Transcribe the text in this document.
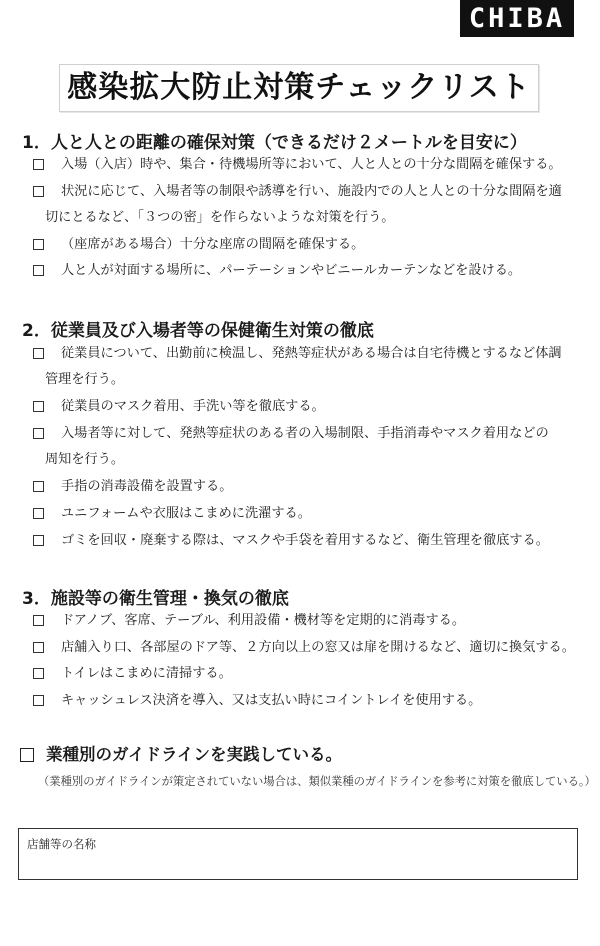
CHIBA
感染拡大防止対策チェックリスト
1．人と人との距離の確保対策（できるだけ２メートルを目安に）
入場（入店）時や、集合・待機場所等において、人と人との十分な間隔を確保する。
状況に応じて、入場者等の制限や誘導を行い、施設内での人と人との十分な間隔を適
切にとるなど、「３つの密」を作らないような対策を行う。
（座席がある場合）十分な座席の間隔を確保する。
人と人が対面する場所に、パーテーションやビニールカーテンなどを設ける。
2．従業員及び入場者等の保健衛生対策の徹底
従業員について、出勤前に検温し、発熱等症状がある場合は自宅待機とするなど体調
管理を行う。
従業員のマスク着用、手洗い等を徹底する。
入場者等に対して、発熱等症状のある者の入場制限、手指消毒やマスク着用などの
周知を行う。
手指の消毒設備を設置する。
ユニフォームや衣服はこまめに洗濯する。
ゴミを回収・廃棄する際は、マスクや手袋を着用するなど、衛生管理を徹底する。
3．施設等の衛生管理・換気の徹底
ドアノブ、客席、テーブル、利用設備・機材等を定期的に消毒する。
店舗入り口、各部屋のドア等、２方向以上の窓又は扉を開けるなど、適切に換気する。
トイレはこまめに清掃する。
キャッシュレス決済を導入、又は支払い時にコイントレイを使用する。
業種別のガイドラインを実践している。
（業種別のガイドラインが策定されていない場合は、類似業種のガイドラインを参考に対策を徹底している。）
店舗等の名称
